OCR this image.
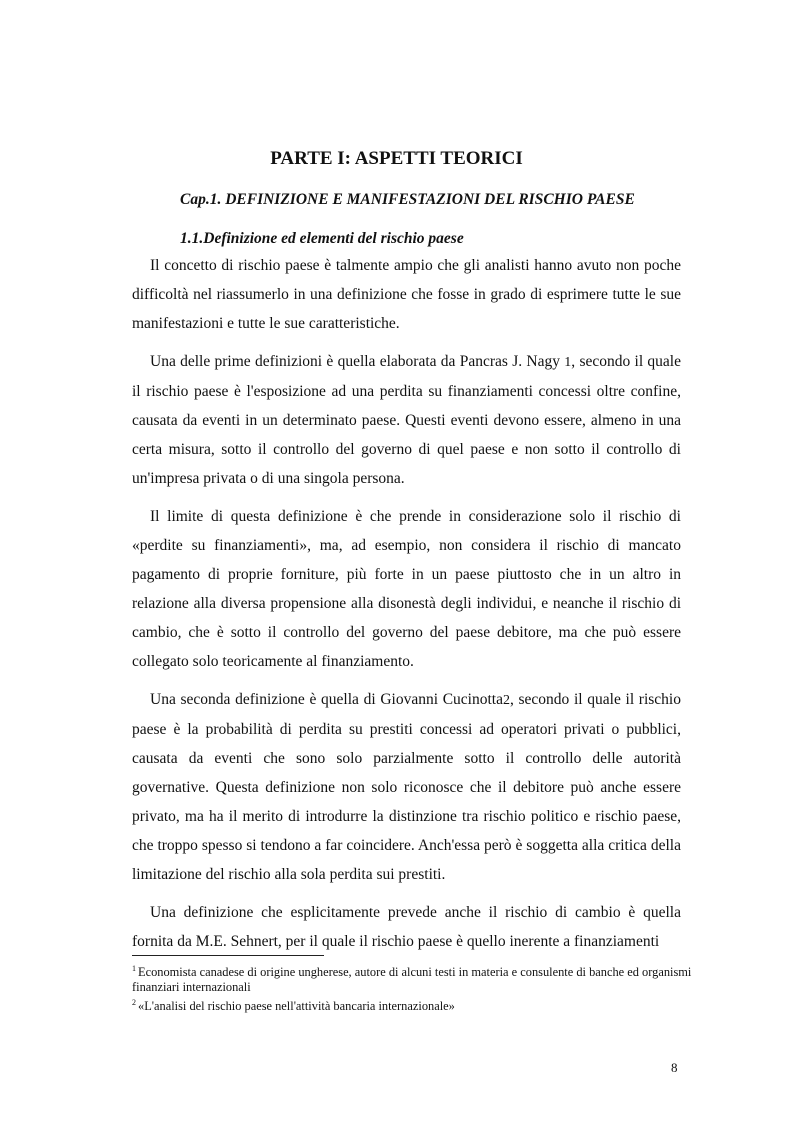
PARTE I: ASPETTI TEORICI
Cap.1. DEFINIZIONE E MANIFESTAZIONI DEL RISCHIO PAESE
1.1.Definizione ed elementi del rischio paese

Il concetto di rischio paese è talmente ampio che gli analisti hanno avuto non poche difficoltà nel riassumerlo in una definizione che fosse in grado di esprimere tutte le sue manifestazioni e tutte le sue caratteristiche.

Una delle prime definizioni è quella elaborata da Pancras J. Nagy 1, secondo il quale il rischio paese è l'esposizione ad una perdita su finanziamenti concessi oltre confine, causata da eventi in un determinato paese. Questi eventi devono essere, almeno in una certa misura, sotto il controllo del governo di quel paese e non sotto il controllo di un'impresa privata o di una singola persona.

Il limite di questa definizione è che prende in considerazione solo il rischio di «perdite su finanziamenti», ma, ad esempio, non considera il rischio di mancato pagamento di proprie forniture, più forte in un paese piuttosto che in un altro in relazione alla diversa propensione alla disonestà degli individui, e neanche il rischio di cambio, che è sotto il controllo del governo del paese debitore, ma che può essere collegato solo teoricamente al finanziamento.

Una seconda definizione è quella di Giovanni Cucinotta2, secondo il quale il rischio paese è la probabilità di perdita su prestiti concessi ad operatori privati o pubblici, causata da eventi che sono solo parzialmente sotto il controllo delle autorità governative. Questa definizione non solo riconosce che il debitore può anche essere privato, ma ha il merito di introdurre la distinzione tra rischio politico e rischio paese, che troppo spesso si tendono a far coincidere. Anch'essa però è soggetta alla critica della limitazione del rischio alla sola perdita sui prestiti.

Una definizione che esplicitamente prevede anche il rischio di cambio è quella fornita da M.E. Sehnert, per il quale il rischio paese è quello inerente a finanziamenti

$^1$ Economista canadese di origine ungherese, autore di alcuni testi in materia e consulente di banche ed organismi finanziari internazionali

$^2$ «L'analisi del rischio paese nell'attività bancaria internazionale»

8
